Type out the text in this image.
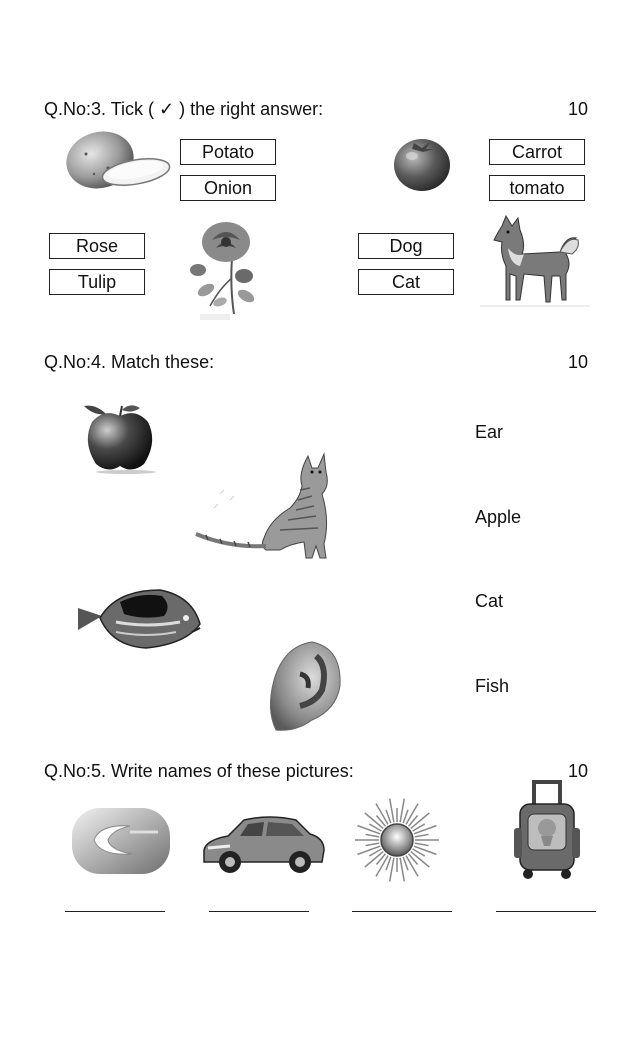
Q.No:3. Tick ( ✓ ) the right answer:	10
Potato
Onion
Carrot
tomato
Rose
Tulip
Dog
Cat
Q.No:4. Match these:	10
Ear
Apple
Cat
Fish
Q.No:5. Write names of these pictures:	10
